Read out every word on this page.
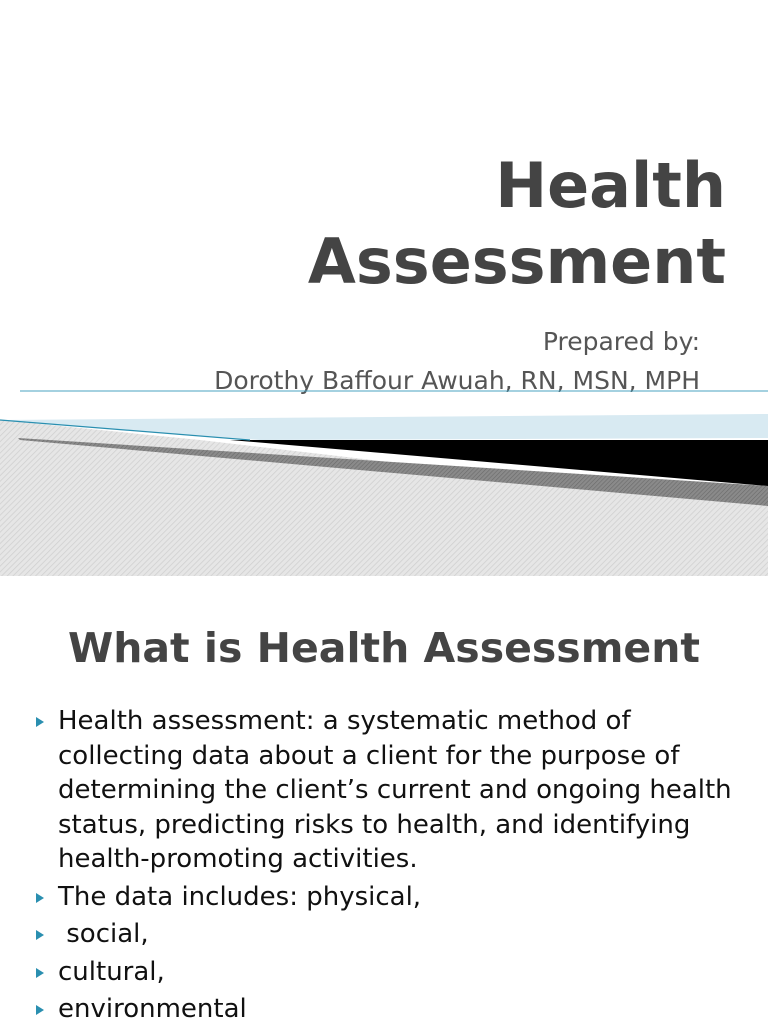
Health
Assessment
Prepared by:
Dorothy Baffour Awuah, RN, MSN, MPH
What is Health Assessment
Health assessment: a systematic method of collecting data about a client for the purpose of determining the client’s current and ongoing health status, predicting risks to health, and identifying health-promoting activities.
The data includes: physical,
social,
cultural,
environmental
